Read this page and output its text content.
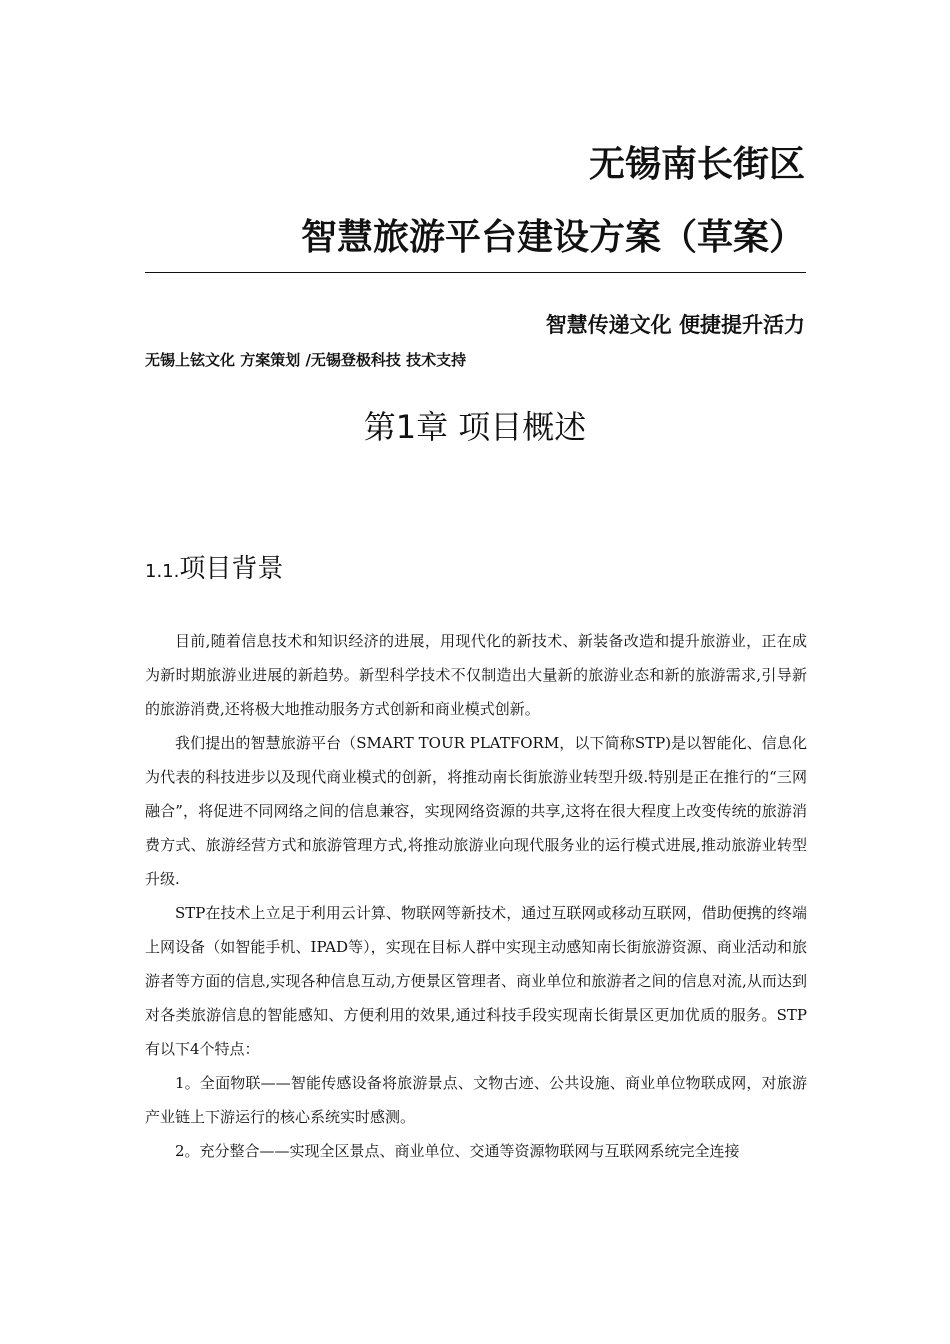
无锡南长街区
智慧旅游平台建设方案（草案）
智慧传递文化 便捷提升活力
无锡上铉文化 方案策划 /无锡登极科技 技术支持
第1章 项目概述
1.1.项目背景

目前,随着信息技术和知识经济的进展，用现代化的新技术、新装备改造和提升旅游业，正在成为新时期旅游业进展的新趋势。新型科学技术不仅制造出大量新的旅游业态和新的旅游需求,引导新的旅游消费,还将极大地推动服务方式创新和商业模式创新。

我们提出的智慧旅游平台（SMART TOUR PLATFORM，以下简称STP)是以智能化、信息化为代表的科技进步以及现代商业模式的创新，将推动南长街旅游业转型升级.特别是正在推行的“三网融合”，将促进不同网络之间的信息兼容，实现网络资源的共享,这将在很大程度上改变传统的旅游消费方式、旅游经营方式和旅游管理方式,将推动旅游业向现代服务业的运行模式进展,推动旅游业转型升级.

STP在技术上立足于利用云计算、物联网等新技术，通过互联网或移动互联网，借助便携的终端上网设备（如智能手机、IPAD等），实现在目标人群中实现主动感知南长街旅游资源、商业活动和旅游者等方面的信息,实现各种信息互动,方便景区管理者、商业单位和旅游者之间的信息对流,从而达到对各类旅游信息的智能感知、方便利用的效果,通过科技手段实现南长街景区更加优质的服务。STP有以下4个特点：

1。全面物联——智能传感设备将旅游景点、文物古迹、公共设施、商业单位物联成网，对旅游产业链上下游运行的核心系统实时感测。

2。充分整合——实现全区景点、商业单位、交通等资源物联网与互联网系统完全连接
